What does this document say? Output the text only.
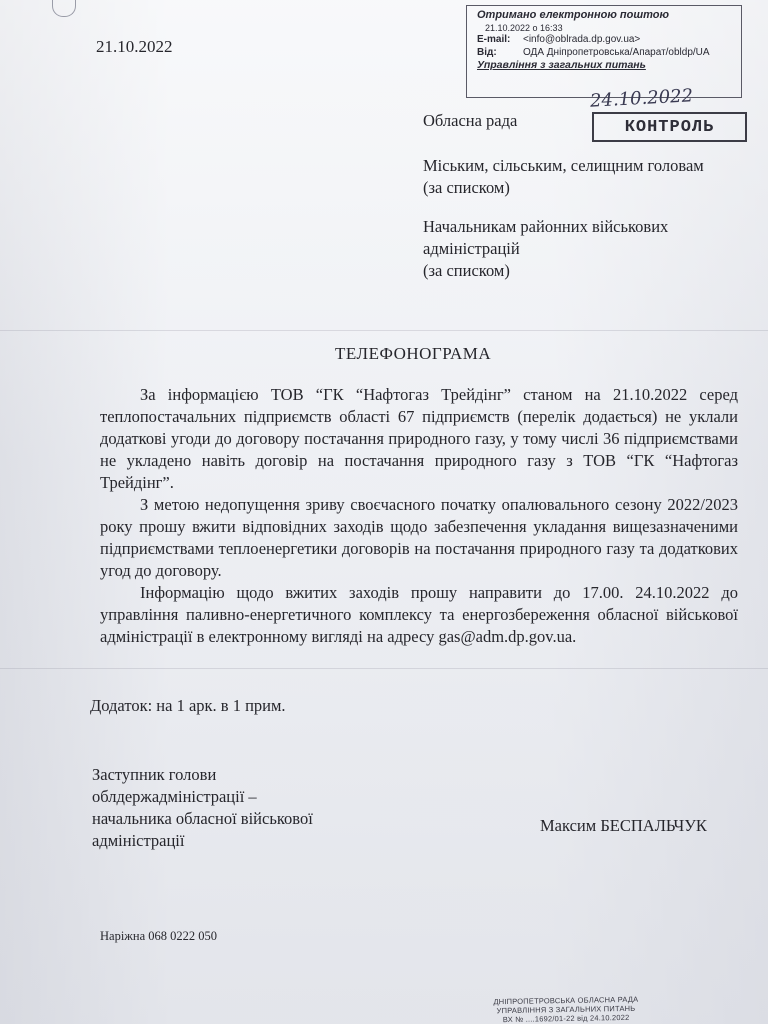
21.10.2022
Отримано електронною поштою
21.10.2022 о 16:33
E-mail:	<info@oblrada.dp.gov.ua>
Від:	ОДА Дніпропетровська/Апарат/obldp/UA
Управління з загальних питань
24.10.2022
КОНТРОЛЬ
Обласна рада
Міським, сільським, селищним головам
(за списком)
Начальникам районних військових
адміністрацій
(за списком)
ТЕЛЕФОНОГРАМА

За інформацією ТОВ “ГК “Нафтогаз Трейдінг” станом на 21.10.2022 серед теплопостачальних підприємств області 67 підприємств (перелік додається) не уклали додаткові угоди до договору постачання природного газу, у тому числі 36 підприємствами не укладено навіть договір на постачання природного газу з ТОВ “ГК “Нафтогаз Трейдінг”.

З метою недопущення зриву своєчасного початку опалювального сезону 2022/2023 року прошу вжити відповідних заходів щодо забезпечення укладання вищезазначеними підприємствами теплоенергетики договорів на постачання природного газу та додаткових угод до договору.

Інформацію щодо вжитих заходів прошу направити до 17.00. 24.10.2022 до управління паливно-енергетичного комплексу та енергозбереження обласної військової адміністрації в електронному вигляді на адресу gas@adm.dp.gov.ua.

Додаток: на 1 арк. в 1 прим.
Заступник голови
облдержадміністрації –
начальника обласної військової
адміністрації
Максим БЕСПАЛЬЧУК
Наріжна 068 0222 050
ДНІПРОПЕТРОВСЬКА ОБЛАСНА РАДА
УПРАВЛІННЯ З ЗАГАЛЬНИХ ПИТАНЬ
ВХ № ....1692/01-22 від 24.10.2022
